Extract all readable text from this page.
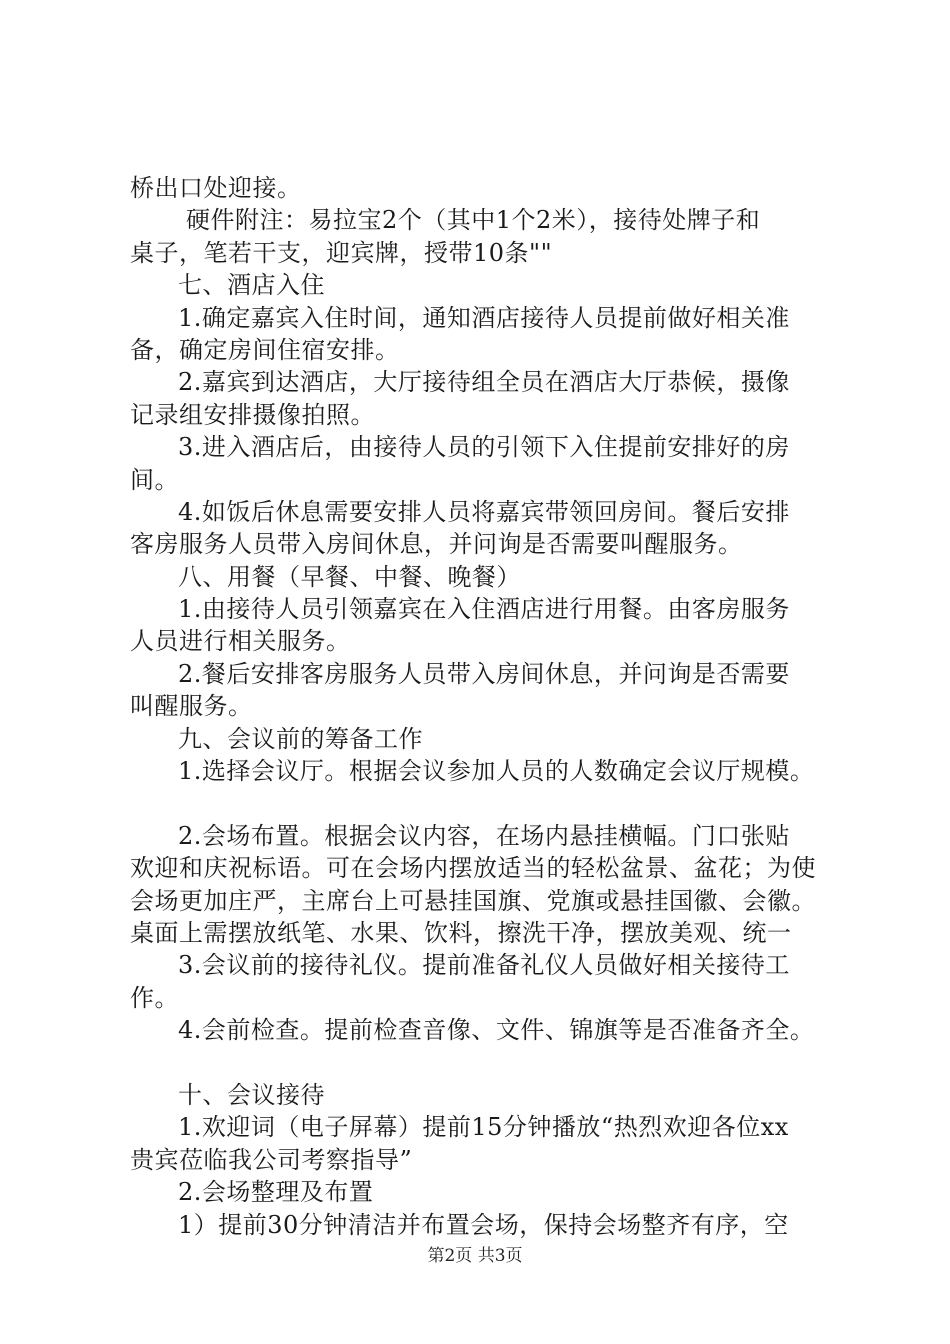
桥出口处迎接。
硬件附注：易拉宝2个（其中1个2米），接待处牌子和
桌子，笔若干支，迎宾牌，授带10条""
七、酒店入住
1.确定嘉宾入住时间，通知酒店接待人员提前做好相关准
备，确定房间住宿安排。
2.嘉宾到达酒店，大厅接待组全员在酒店大厅恭候，摄像
记录组安排摄像拍照。
3.进入酒店后，由接待人员的引领下入住提前安排好的房
间。
4.如饭后休息需要安排人员将嘉宾带领回房间。餐后安排
客房服务人员带入房间休息，并问询是否需要叫醒服务。
八、用餐（早餐、中餐、晚餐）
1.由接待人员引领嘉宾在入住酒店进行用餐。由客房服务
人员进行相关服务。
2.餐后安排客房服务人员带入房间休息，并问询是否需要
叫醒服务。
九、会议前的筹备工作
1.选择会议厅。根据会议参加人员的人数确定会议厅规模。
2.会场布置。根据会议内容，在场内悬挂横幅。门口张贴
欢迎和庆祝标语。可在会场内摆放适当的轻松盆景、盆花；为使
会场更加庄严，主席台上可悬挂国旗、党旗或悬挂国徽、会徽。
桌面上需摆放纸笔、水果、饮料，擦洗干净，摆放美观、统一
3.会议前的接待礼仪。提前准备礼仪人员做好相关接待工
作。
4.会前检查。提前检查音像、文件、锦旗等是否准备齐全。
十、会议接待
1.欢迎词（电子屏幕）提前15分钟播放“热烈欢迎各位xx
贵宾莅临我公司考察指导”
2.会场整理及布置
1）提前30分钟清洁并布置会场，保持会场整齐有序，空
第2页 共3页
